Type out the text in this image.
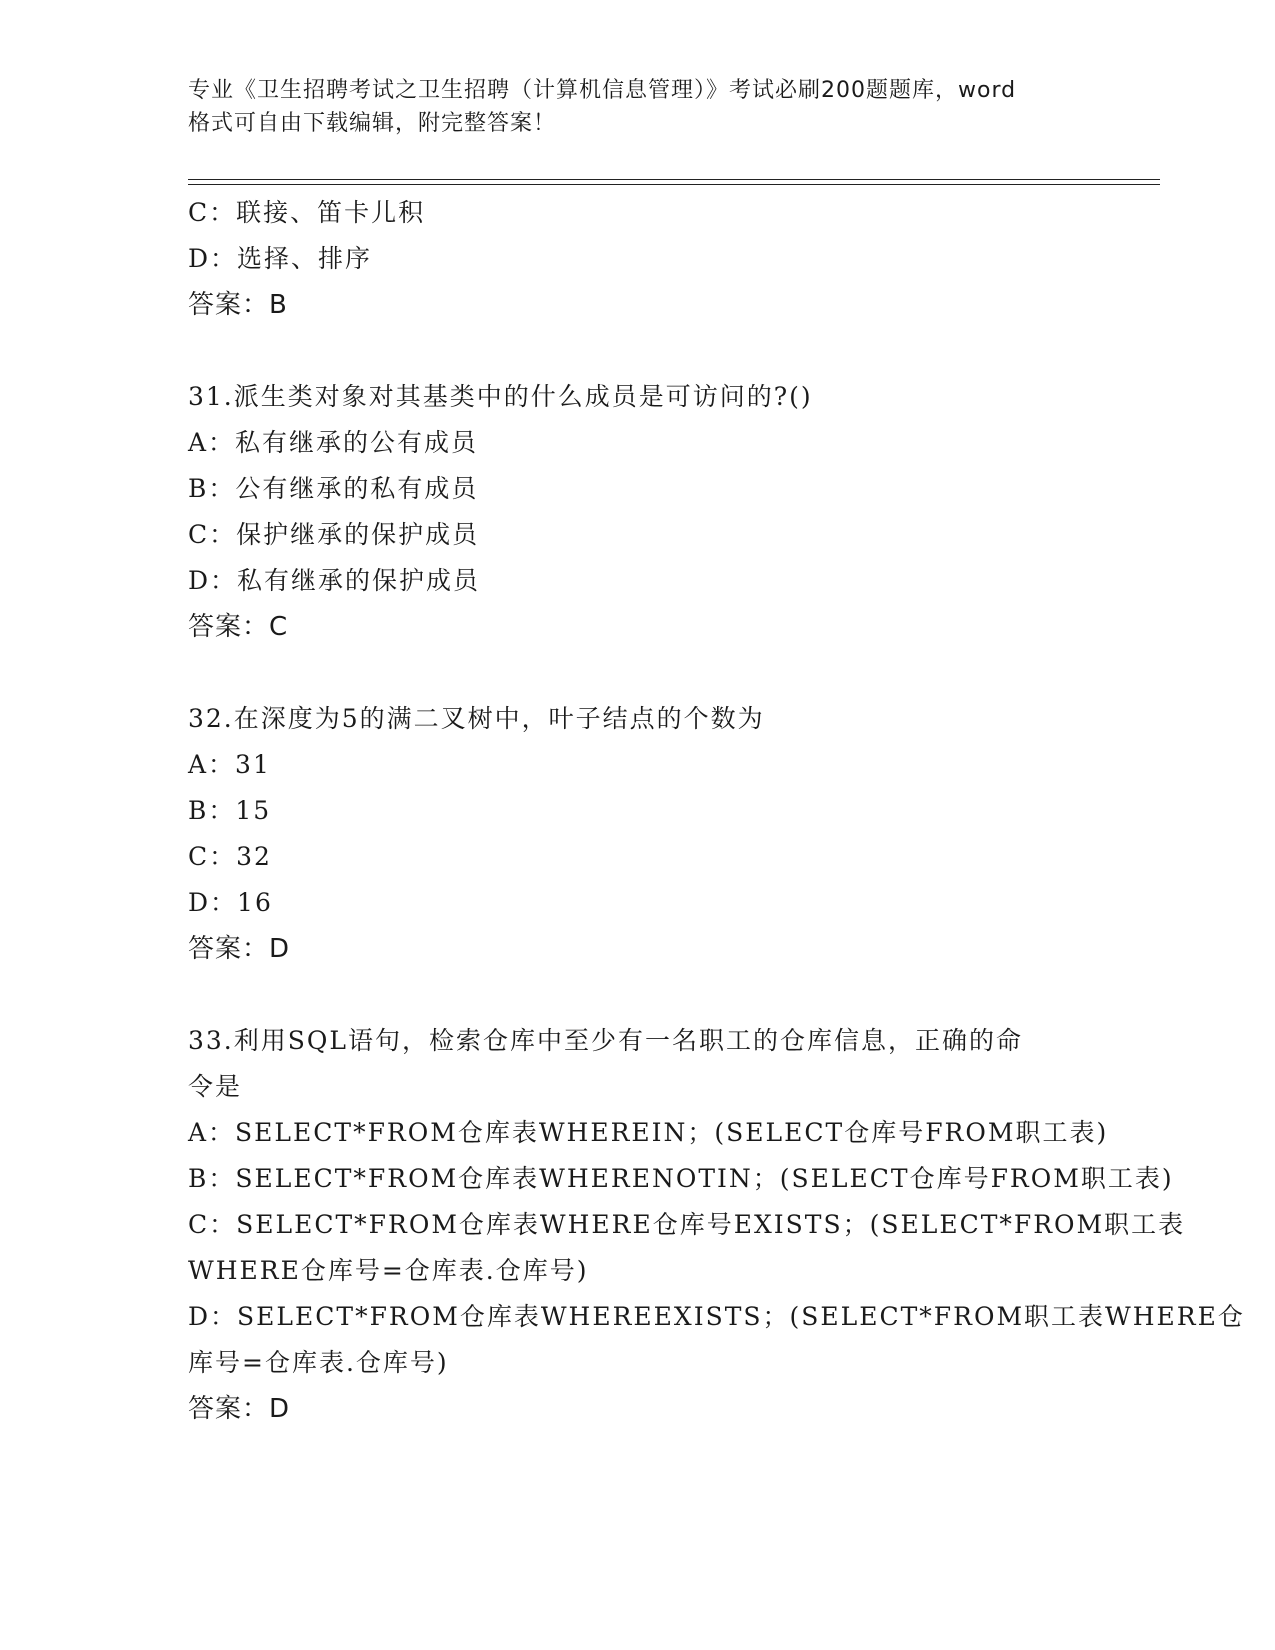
专业《卫生招聘考试之卫生招聘（计算机信息管理）》考试必刷200题题库，word
格式可自由下载编辑，附完整答案！
C：联接、笛卡儿积
D：选择、排序
答案：B
31.派生类对象对其基类中的什么成员是可访问的?()
A：私有继承的公有成员
B：公有继承的私有成员
C：保护继承的保护成员
D：私有继承的保护成员
答案：C
32.在深度为5的满二叉树中，叶子结点的个数为
A：31
B：15
C：32
D：16
答案：D
33.利用SQL语句，检索仓库中至少有一名职工的仓库信息，正确的命
令是
A：SELECT*FROM仓库表WHEREIN；(SELECT仓库号FROM职工表)
B：SELECT*FROM仓库表WHERENOTIN；(SELECT仓库号FROM职工表)
C：SELECT*FROM仓库表WHERE仓库号EXISTS；(SELECT*FROM职工表
WHERE仓库号=仓库表.仓库号)
D：SELECT*FROM仓库表WHEREEXISTS；(SELECT*FROM职工表WHERE仓
库号=仓库表.仓库号)
答案：D
